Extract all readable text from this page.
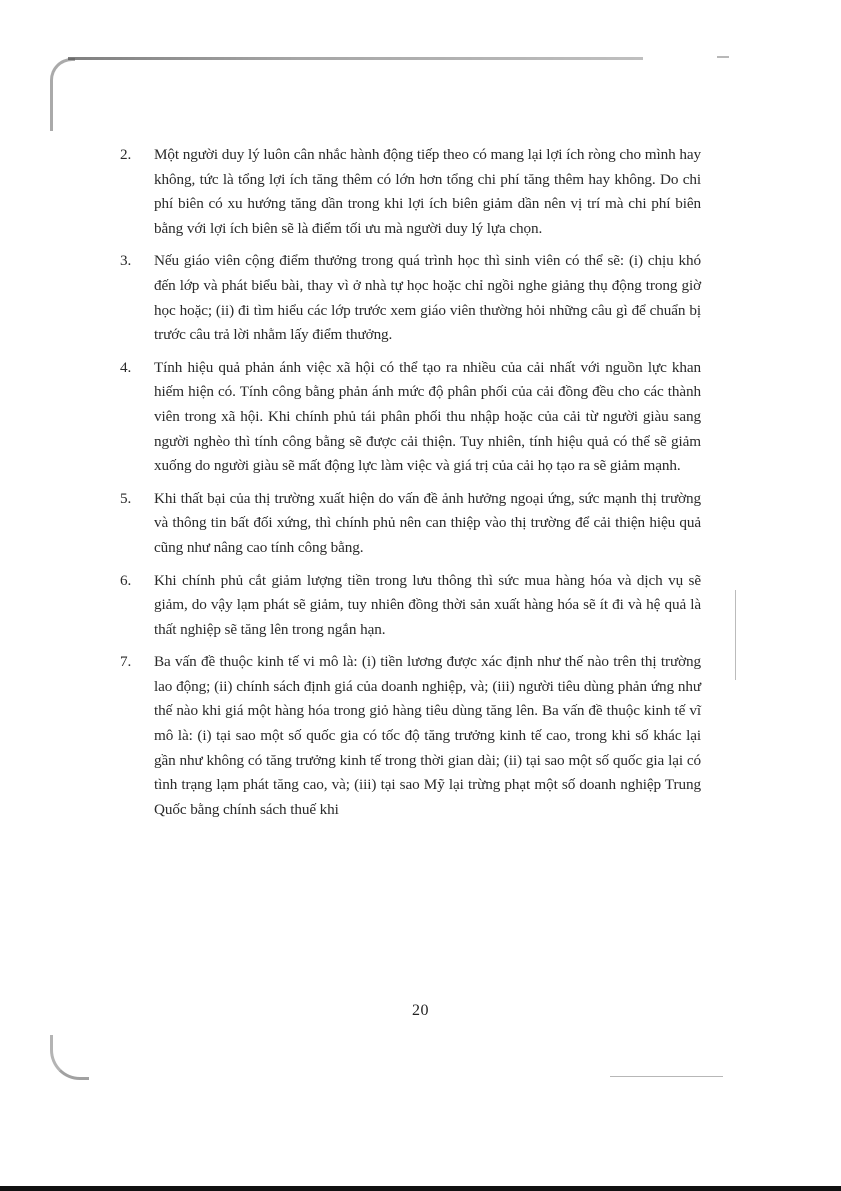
2. Một người duy lý luôn cân nhắc hành động tiếp theo có mang lại lợi ích ròng cho mình hay không, tức là tổng lợi ích tăng thêm có lớn hơn tổng chi phí tăng thêm hay không. Do chi phí biên có xu hướng tăng dần trong khi lợi ích biên giảm dần nên vị trí mà chi phí biên bằng với lợi ích biên sẽ là điểm tối ưu mà người duy lý lựa chọn.
3. Nếu giáo viên cộng điểm thưởng trong quá trình học thì sinh viên có thể sẽ: (i) chịu khó đến lớp và phát biểu bài, thay vì ở nhà tự học hoặc chỉ ngồi nghe giảng thụ động trong giờ học hoặc; (ii) đi tìm hiểu các lớp trước xem giáo viên thường hỏi những câu gì để chuẩn bị trước câu trả lời nhằm lấy điểm thưởng.
4. Tính hiệu quả phản ánh việc xã hội có thể tạo ra nhiều của cải nhất với nguồn lực khan hiếm hiện có. Tính công bằng phản ánh mức độ phân phối của cải đồng đều cho các thành viên trong xã hội. Khi chính phủ tái phân phối thu nhập hoặc của cải từ người giàu sang người nghèo thì tính công bằng sẽ được cải thiện. Tuy nhiên, tính hiệu quả có thể sẽ giảm xuống do người giàu sẽ mất động lực làm việc và giá trị của cải họ tạo ra sẽ giảm mạnh.
5. Khi thất bại của thị trường xuất hiện do vấn đề ảnh hưởng ngoại ứng, sức mạnh thị trường và thông tin bất đối xứng, thì chính phủ nên can thiệp vào thị trường để cải thiện hiệu quả cũng như nâng cao tính công bằng.
6. Khi chính phủ cắt giảm lượng tiền trong lưu thông thì sức mua hàng hóa và dịch vụ sẽ giảm, do vậy lạm phát sẽ giảm, tuy nhiên đồng thời sản xuất hàng hóa sẽ ít đi và hệ quả là thất nghiệp sẽ tăng lên trong ngắn hạn.
7. Ba vấn đề thuộc kinh tế vi mô là: (i) tiền lương được xác định như thế nào trên thị trường lao động; (ii) chính sách định giá của doanh nghiệp, và; (iii) người tiêu dùng phản ứng như thế nào khi giá một hàng hóa trong giỏ hàng tiêu dùng tăng lên. Ba vấn đề thuộc kinh tế vĩ mô là: (i) tại sao một số quốc gia có tốc độ tăng trưởng kinh tế cao, trong khi số khác lại gần như không có tăng trưởng kinh tế trong thời gian dài; (ii) tại sao một số quốc gia lại có tình trạng lạm phát tăng cao, và; (iii) tại sao Mỹ lại trừng phạt một số doanh nghiệp Trung Quốc bằng chính sách thuế khi
20
